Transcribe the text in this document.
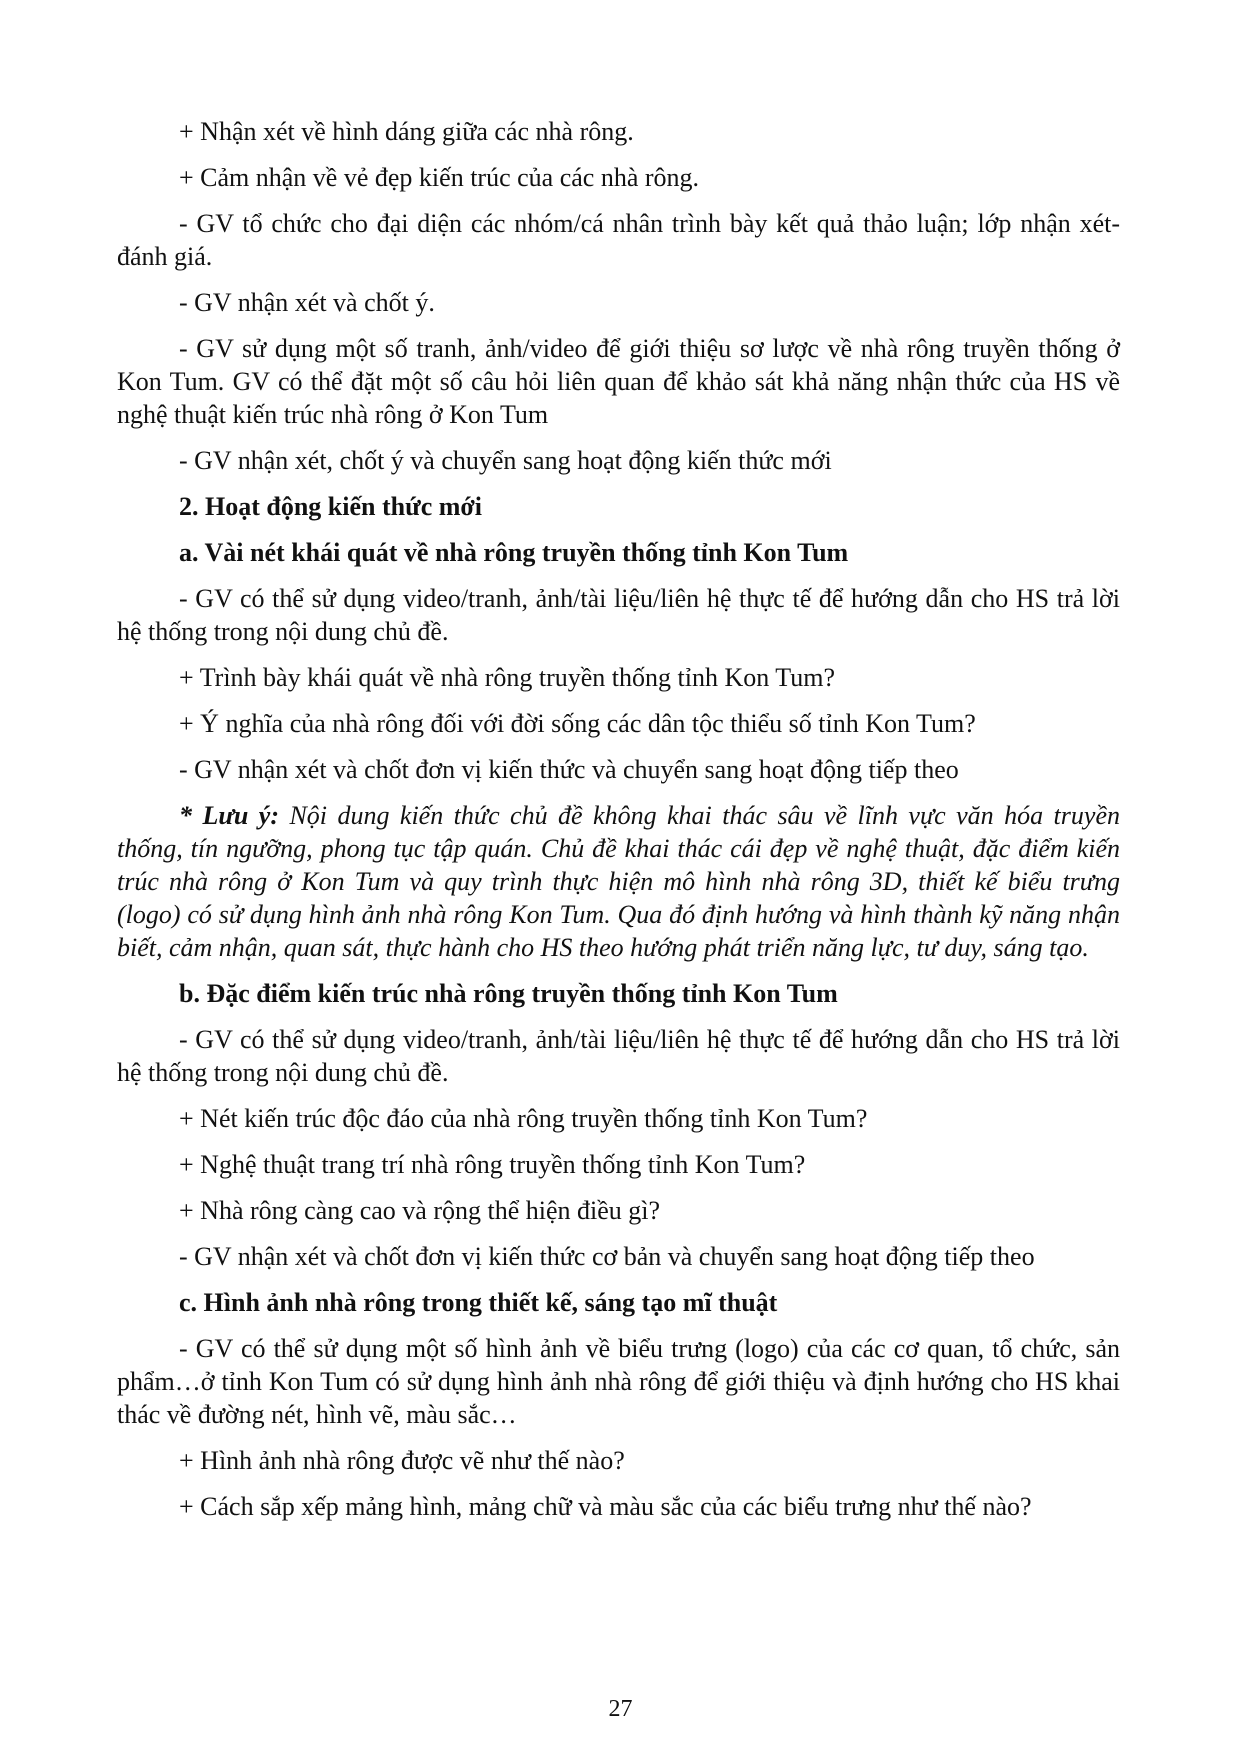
+ Nhận xét về hình dáng giữa các nhà rông.

+ Cảm nhận về vẻ đẹp kiến trúc của các nhà rông.

- GV tổ chức cho đại diện các nhóm/cá nhân trình bày kết quả thảo luận; lớp nhận xét-đánh giá.

- GV nhận xét và chốt ý.

- GV sử dụng một số tranh, ảnh/video để giới thiệu sơ lược về nhà rông truyền thống ở Kon Tum. GV có thể đặt một số câu hỏi liên quan để khảo sát khả năng nhận thức của HS về nghệ thuật kiến trúc nhà rông ở Kon Tum

- GV nhận xét, chốt ý và chuyển sang hoạt động kiến thức mới

2. Hoạt động kiến thức mới

a. Vài nét khái quát về nhà rông truyền thống tỉnh Kon Tum

- GV có thể sử dụng video/tranh, ảnh/tài liệu/liên hệ thực tế để hướng dẫn cho HS trả lời hệ thống trong nội dung chủ đề.

+ Trình bày khái quát về nhà rông truyền thống tỉnh Kon Tum?

+ Ý nghĩa của nhà rông đối với đời sống các dân tộc thiểu số tỉnh Kon Tum?

- GV nhận xét và chốt đơn vị kiến thức và chuyển sang hoạt động tiếp theo

* Lưu ý: Nội dung kiến thức chủ đề không khai thác sâu về lĩnh vực văn hóa truyền thống, tín ngưỡng, phong tục tập quán. Chủ đề khai thác cái đẹp về nghệ thuật, đặc điểm kiến trúc nhà rông ở Kon Tum và quy trình thực hiện mô hình nhà rông 3D, thiết kế biểu trưng (logo) có sử dụng hình ảnh nhà rông Kon Tum. Qua đó định hướng và hình thành kỹ năng nhận biết, cảm nhận, quan sát, thực hành cho HS theo hướng phát triển năng lực, tư duy, sáng tạo.

b. Đặc điểm kiến trúc nhà rông truyền thống tỉnh Kon Tum

- GV có thể sử dụng video/tranh, ảnh/tài liệu/liên hệ thực tế để hướng dẫn cho HS trả lời hệ thống trong nội dung chủ đề.

+ Nét kiến trúc độc đáo của nhà rông truyền thống tỉnh Kon Tum?

+ Nghệ thuật trang trí nhà rông truyền thống tỉnh Kon Tum?

+ Nhà rông càng cao và rộng thể hiện điều gì?

- GV nhận xét và chốt đơn vị kiến thức cơ bản và chuyển sang hoạt động tiếp theo

c. Hình ảnh nhà rông trong thiết kế, sáng tạo mĩ thuật

- GV có thể sử dụng một số hình ảnh về biểu trưng (logo) của các cơ quan, tổ chức, sản phẩm…ở tỉnh Kon Tum có sử dụng hình ảnh nhà rông để giới thiệu và định hướng cho HS khai thác về đường nét, hình vẽ, màu sắc…

+ Hình ảnh nhà rông được vẽ như thế nào?

+ Cách sắp xếp mảng hình, mảng chữ và màu sắc của các biểu trưng như thế nào?

27
